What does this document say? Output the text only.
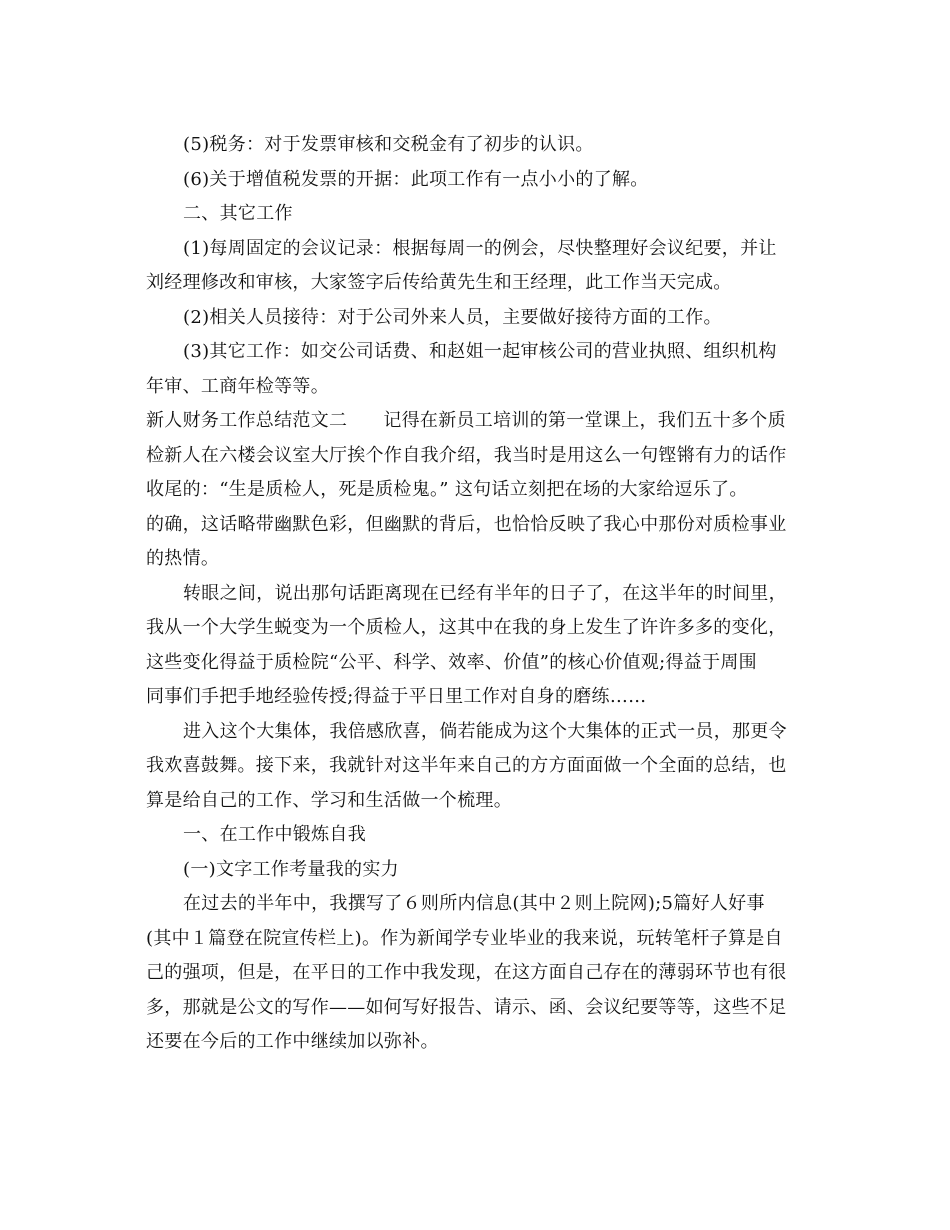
(5)税务：对于发票审核和交税金有了初步的认识。
(6)关于增值税发票的开据：此项工作有一点小小的了解。
二、其它工作
(1)每周固定的会议记录：根据每周一的例会，尽快整理好会议纪要，并让
刘经理修改和审核，大家签字后传给黄先生和王经理，此工作当天完成。
(2)相关人员接待：对于公司外来人员，主要做好接待方面的工作。
(3)其它工作：如交公司话费、和赵姐一起审核公司的营业执照、组织机构
年审、工商年检等等。
新人财务工作总结范文二 记得在新员工培训的第一堂课上，我们五十多个质
检新人在六楼会议室大厅挨个作自我介绍，我当时是用这么一句铿锵有力的话作
收尾的：“生是质检人，死是质检鬼。” 这句话立刻把在场的大家给逗乐了。
的确，这话略带幽默色彩，但幽默的背后，也恰恰反映了我心中那份对质检事业
的热情。
转眼之间，说出那句话距离现在已经有半年的日子了，在这半年的时间里，
我从一个大学生蜕变为一个质检人，这其中在我的身上发生了许许多多的变化，
这些变化得益于质检院“公平、科学、效率、价值”的核心价值观;得益于周围
同事们手把手地经验传授;得益于平日里工作对自身的磨练……
进入这个大集体，我倍感欣喜，倘若能成为这个大集体的正式一员，那更令
我欢喜鼓舞。接下来，我就针对这半年来自己的方方面面做一个全面的总结，也
算是给自己的工作、学习和生活做一个梳理。
一、在工作中锻炼自我
(一)文字工作考量我的实力
在过去的半年中，我撰写了６则所内信息(其中２则上院网);5篇好人好事
(其中１篇登在院宣传栏上)。作为新闻学专业毕业的我来说，玩转笔杆子算是自
己的强项，但是，在平日的工作中我发现，在这方面自己存在的薄弱环节也有很
多，那就是公文的写作——如何写好报告、请示、函、会议纪要等等，这些不足
还要在今后的工作中继续加以弥补。
